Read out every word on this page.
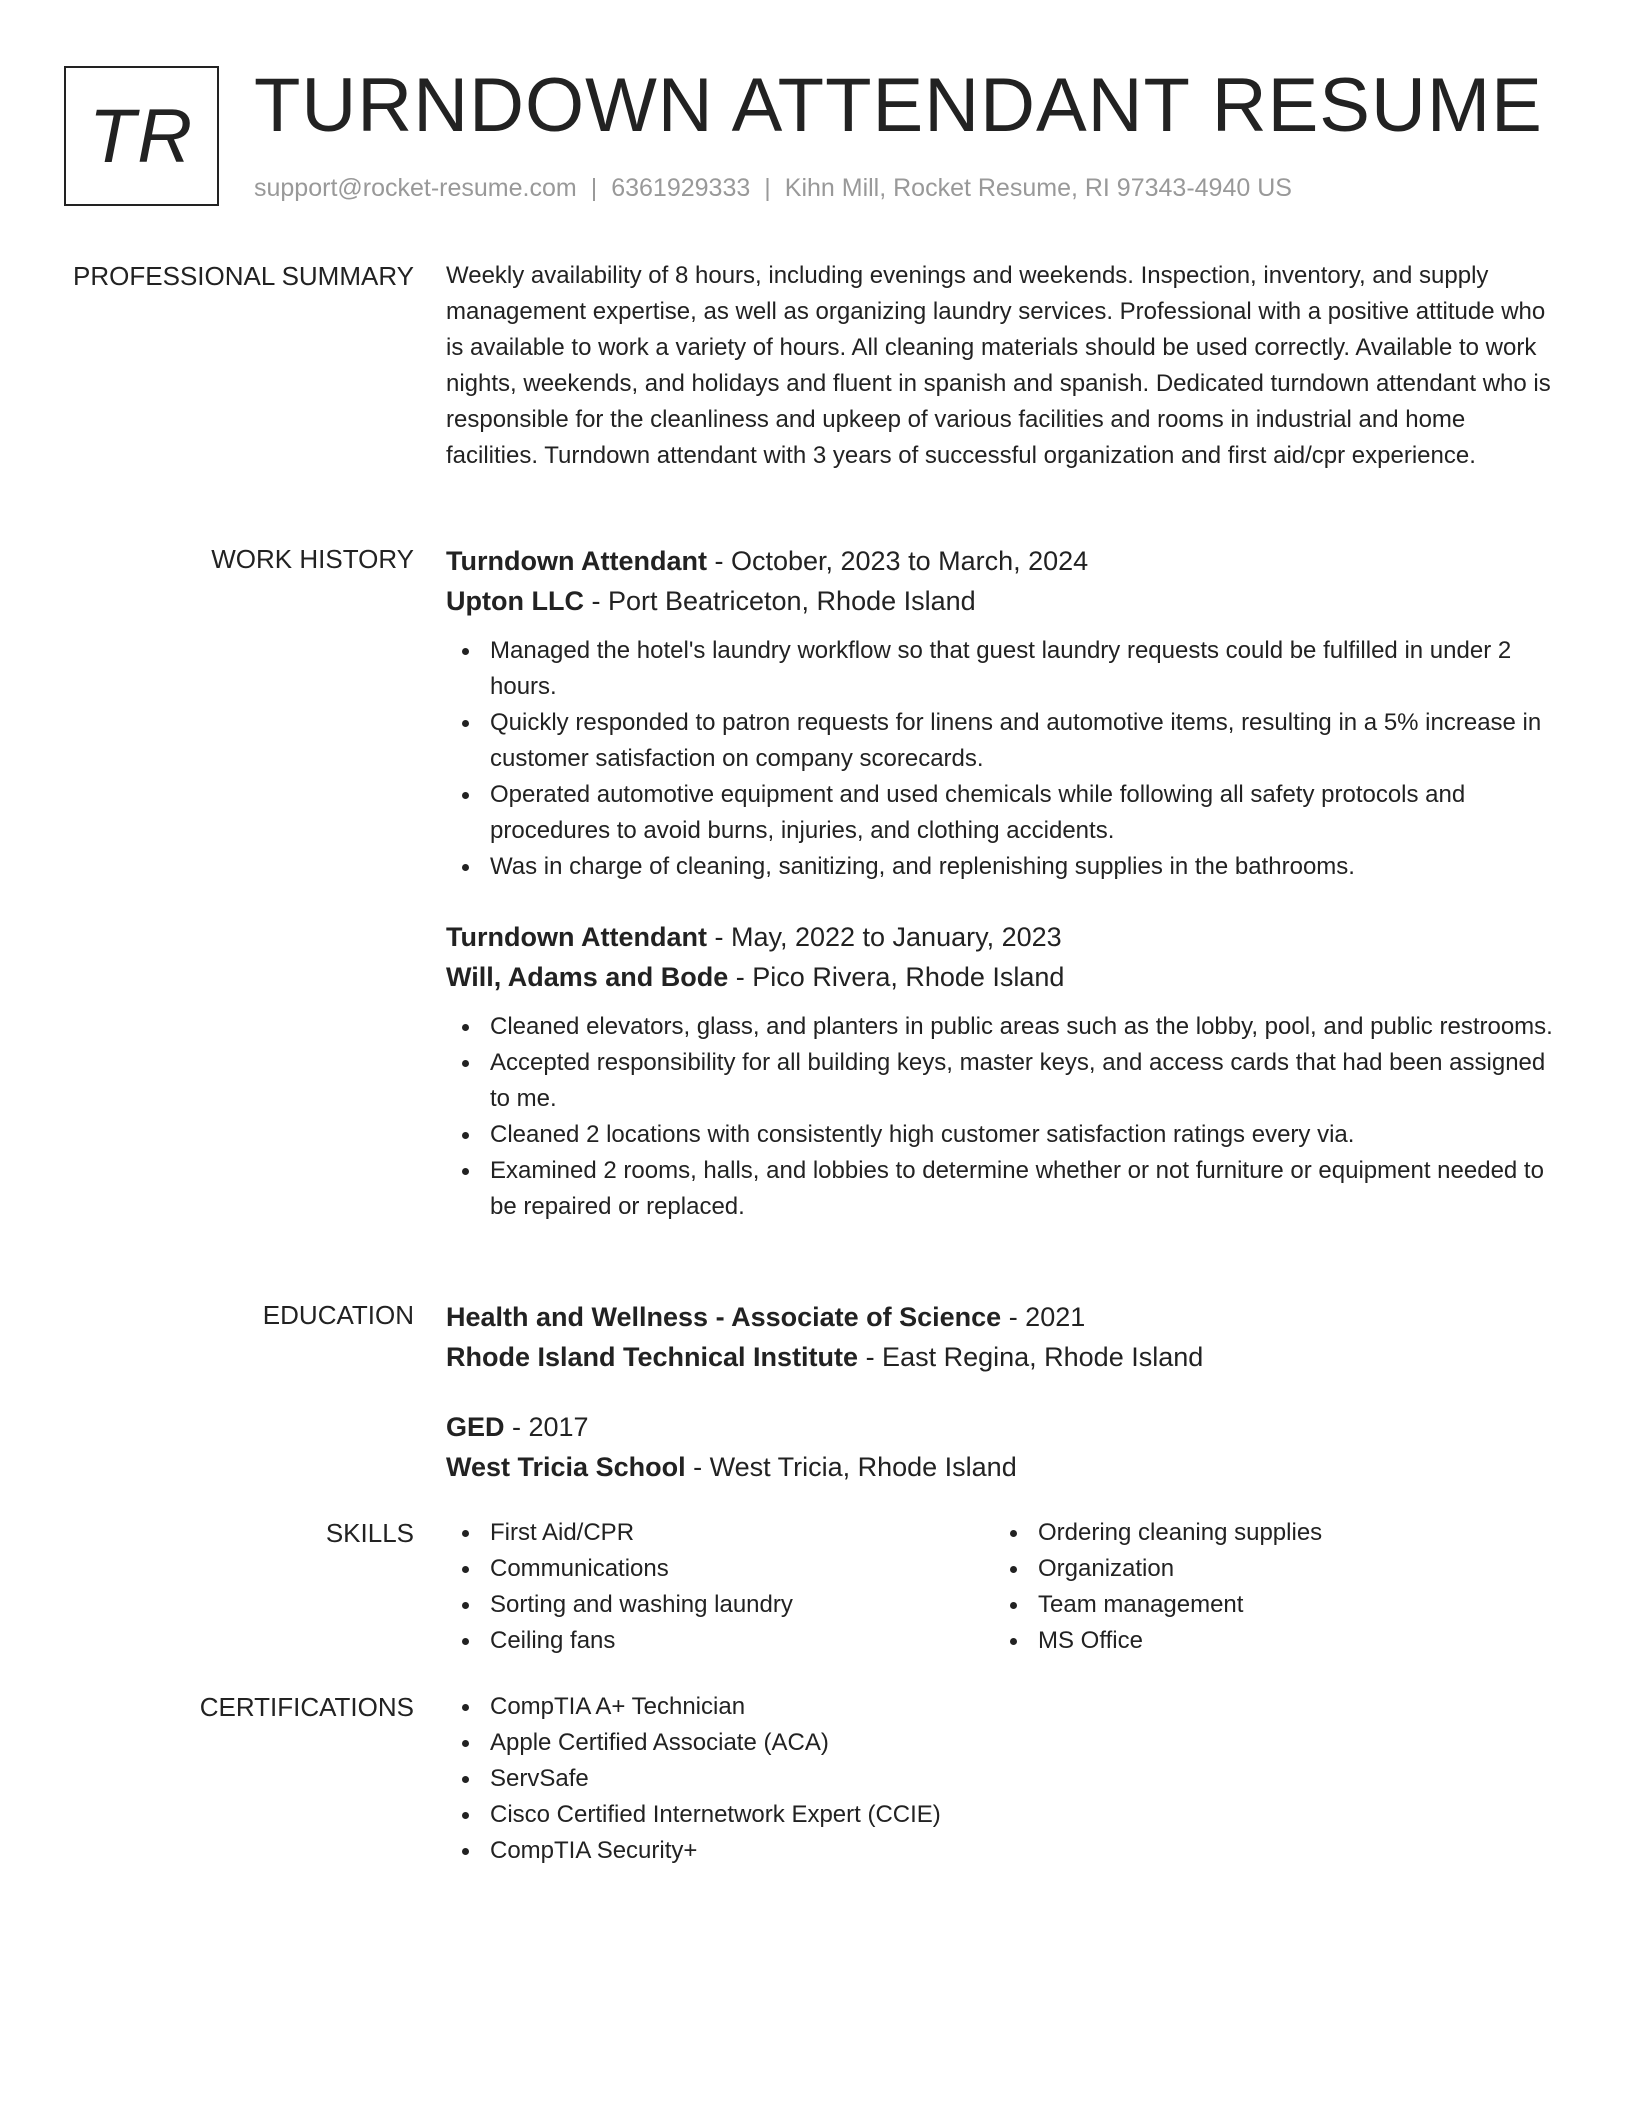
TR TURNDOWN ATTENDANT RESUME
support@rocket-resume.com | 6361929333 | Kihn Mill, Rocket Resume, RI 97343-4940 US
PROFESSIONAL SUMMARY Weekly availability of 8 hours, including evenings and weekends. Inspection, inventory, and supply management expertise, as well as organizing laundry services. Professional with a positive attitude who is available to work a variety of hours. All cleaning materials should be used correctly. Available to work nights, weekends, and holidays and fluent in spanish and spanish. Dedicated turndown attendant who is responsible for the cleanliness and upkeep of various facilities and rooms in industrial and home facilities. Turndown attendant with 3 years of successful organization and first aid/cpr experience.

WORK HISTORY Turndown Attendant - October, 2023 to March, 2024
Upton LLC - Port Beatriceton, Rhode Island
Managed the hotel's laundry workflow so that guest laundry requests could be fulfilled in under 2 hours.
Quickly responded to patron requests for linens and automotive items, resulting in a 5% increase in customer satisfaction on company scorecards.
Operated automotive equipment and used chemicals while following all safety protocols and procedures to avoid burns, injuries, and clothing accidents.
Was in charge of cleaning, sanitizing, and replenishing supplies in the bathrooms.
Turndown Attendant - May, 2022 to January, 2023
Will, Adams and Bode - Pico Rivera, Rhode Island
Cleaned elevators, glass, and planters in public areas such as the lobby, pool, and public restrooms.
Accepted responsibility for all building keys, master keys, and access cards that had been assigned to me.
Cleaned 2 locations with consistently high customer satisfaction ratings every via.
Examined 2 rooms, halls, and lobbies to determine whether or not furniture or equipment needed to be repaired or replaced.
EDUCATION Health and Wellness - Associate of Science - 2021
Rhode Island Technical Institute - East Regina, Rhode Island
GED - 2017
West Tricia School - West Tricia, Rhode Island
SKILLS	First Aid/CPR
Communications
Sorting and washing laundry
Ceiling fans
Ordering cleaning supplies
Organization
Team management
MS Office
CERTIFICATIONS	CompTIA A+ Technician
Apple Certified Associate (ACA)
ServSafe
Cisco Certified Internetwork Expert (CCIE)
CompTIA Security+
